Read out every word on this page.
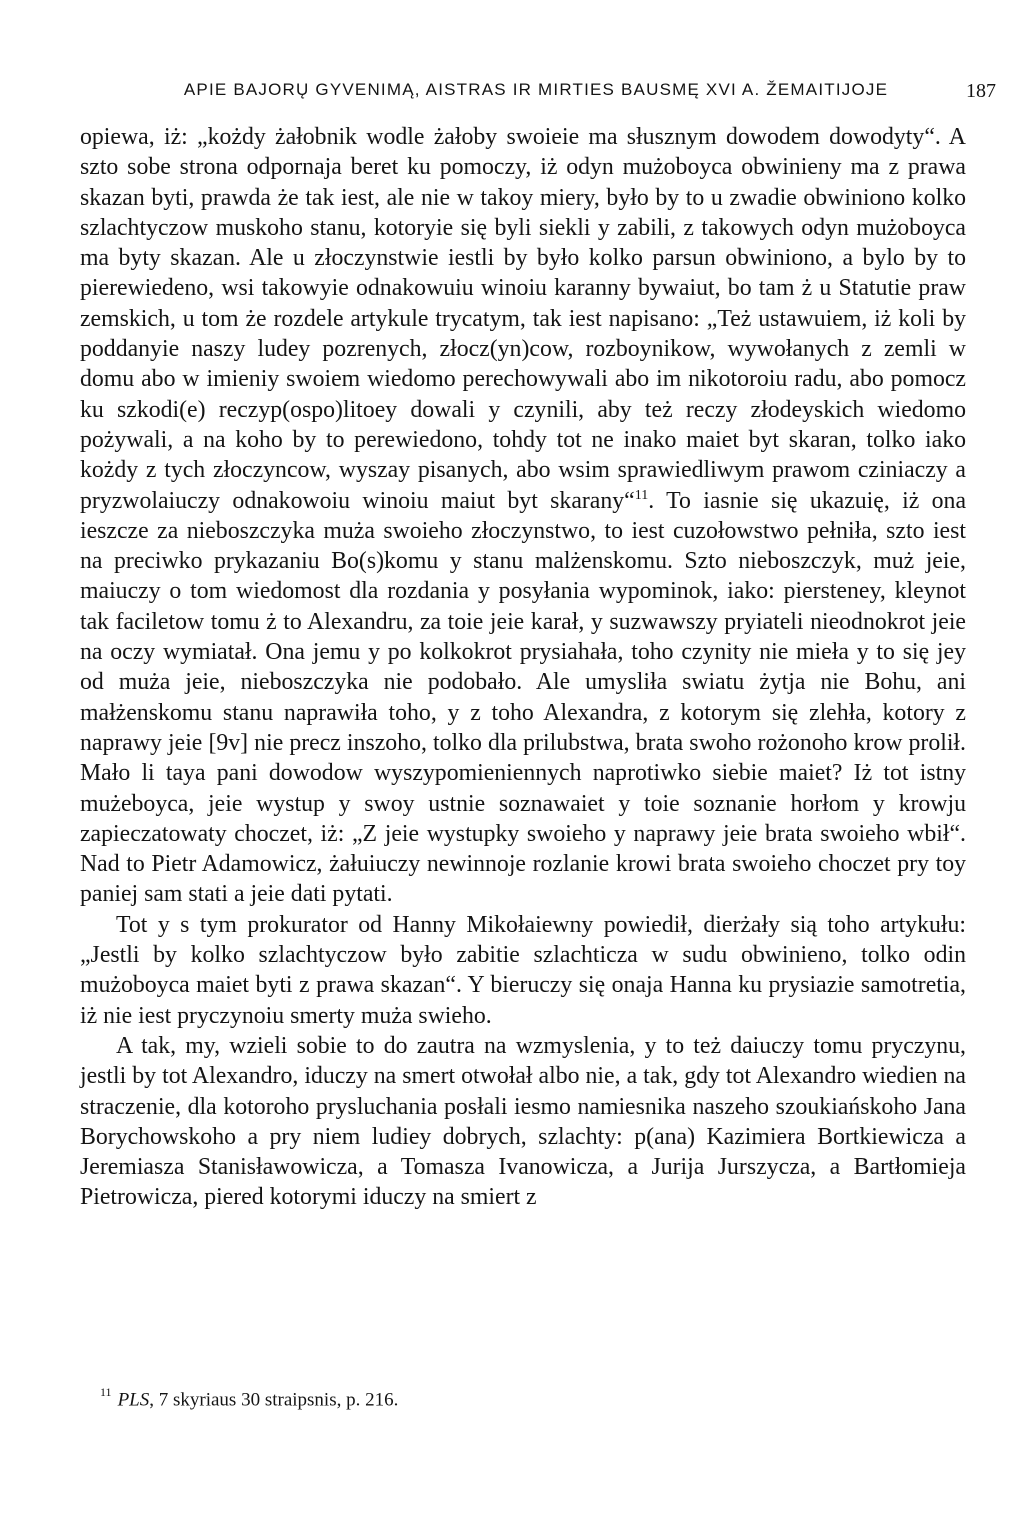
APIE BAJORŲ GYVENIMĄ, AISTRAS IR MIRTIES BAUSMĘ XVI A. ŽEMAITIJOJE	187

opiewa, iż: „kożdy żałobnik wodle żałoby swoieie ma słusznym dowodem dowodyty“. A szto sobe strona odpornaja beret ku pomoczy, iż odyn mużoboyca obwinieny ma z prawa skazan byti, prawda że tak iest, ale nie w takoy miery, było by to u zwadie obwiniono kolko szlachtyczow muskoho stanu, kotoryie się byli siekli y zabili, z takowych odyn mużoboyca ma byty skazan. Ale u złoczynstwie iestli by było kolko parsun obwiniono, a bylo by to pierewiedeno, wsi takowyie odnakowuiu winoiu karanny bywaiut, bo tam ż u Statutie praw zemskich, u tom że rozdele artykule trycatym, tak iest napisano: „Też ustawuiem, iż koli by poddanyie naszy ludey pozrenych, złocz(yn)cow, rozboynikow, wywołanych z zemli w domu abo w imieniy swoiem wiedomo perechowywali abo im nikotoroiu radu, abo pomocz ku szkodi(e) reczyp(ospo)litoey dowali y czynili, aby też reczy złodeyskich wiedomo pożywali, a na koho by to perewiedono, tohdy tot ne inako maiet byt skaran, tolko iako kożdy z tych złoczyncow, wyszay pisanych, abo wsim sprawiedliwym prawom cziniaczy a pryzwolaiuczy odnakowoiu winoiu maiut byt skarany“$^{11}$. To iasnie się ukazuię, iż ona ieszcze za nieboszczyka muża swoieho złoczynstwo, to iest cuzołowstwo pełniła, szto iest na preciwko prykazaniu Bo(s)komu y stanu malżenskomu. Szto nieboszczyk, muż jeie, maiuczy o tom wiedomost dla rozdania y posyłania wypominok, iako: piersteney, kleynot tak faciletow tomu ż to Alexandru, za toie jeie karał, y suzwawszy pryiateli nieodnokrot jeie na oczy wymiatał. Ona jemu y po kolkokrot prysiahała, toho czynity nie mieła y to się jey od muża jeie, nieboszczyka nie podobało. Ale umysliła swiatu żytja nie Bohu, ani małżenskomu stanu naprawiła toho, y z toho Alexandra, z kotorym się zlehła, kotory z naprawy jeie [9v] nie precz inszoho, tolko dla prilubstwa, brata swoho rożonoho krow prolił. Mało li taya pani dowodow wyszypomieniennych naprotiwko siebie maiet? Iż tot istny mużeboyca, jeie wystup y swoy ustnie soznawaiet y toie soznanie horłom y krowju zapieczatowaty choczet, iż: „Z jeie wystupky swoieho y naprawy jeie brata swoieho wbił“. Nad to Pietr Adamowicz, żałuiuczy newinnoje rozlanie krowi brata swoieho choczet pry toy paniej sam stati a jeie dati pytati.

Tot y s tym prokurator od Hanny Mikołaiewny powiedił, dierżały sią toho artykułu: „Jestli by kolko szlachtyczow było zabitie szlachticza w sudu obwinieno, tolko odin mużoboyca maiet byti z prawa skazan“. Y bieruczy się onaja Hanna ku prysiazie samotretia, iż nie iest pryczynoiu smerty muża swieho.

A tak, my, wzieli sobie to do zautra na wzmyslenia, y to też daiuczy tomu pryczynu, jestli by tot Alexandro, iduczy na smert otwołał albo nie, a tak, gdy tot Alexandro wiedien na straczenie, dla kotoroho prysluchania posłali iesmo namiesnika naszeho szoukiańskoho Jana Borychowskoho a pry niem ludiey dobrych, szlachty: p(ana) Kazimiera Bortkiewicza a Jeremiasza Stanisławowicza, a Tomasza Ivanowicza, a Jurija Jurszycza, a Bartłomieja Pietrowicza, piered kotorymi iduczy na smiert z

$^{11}$ PLS, 7 skyriaus 30 straipsnis, p. 216.
